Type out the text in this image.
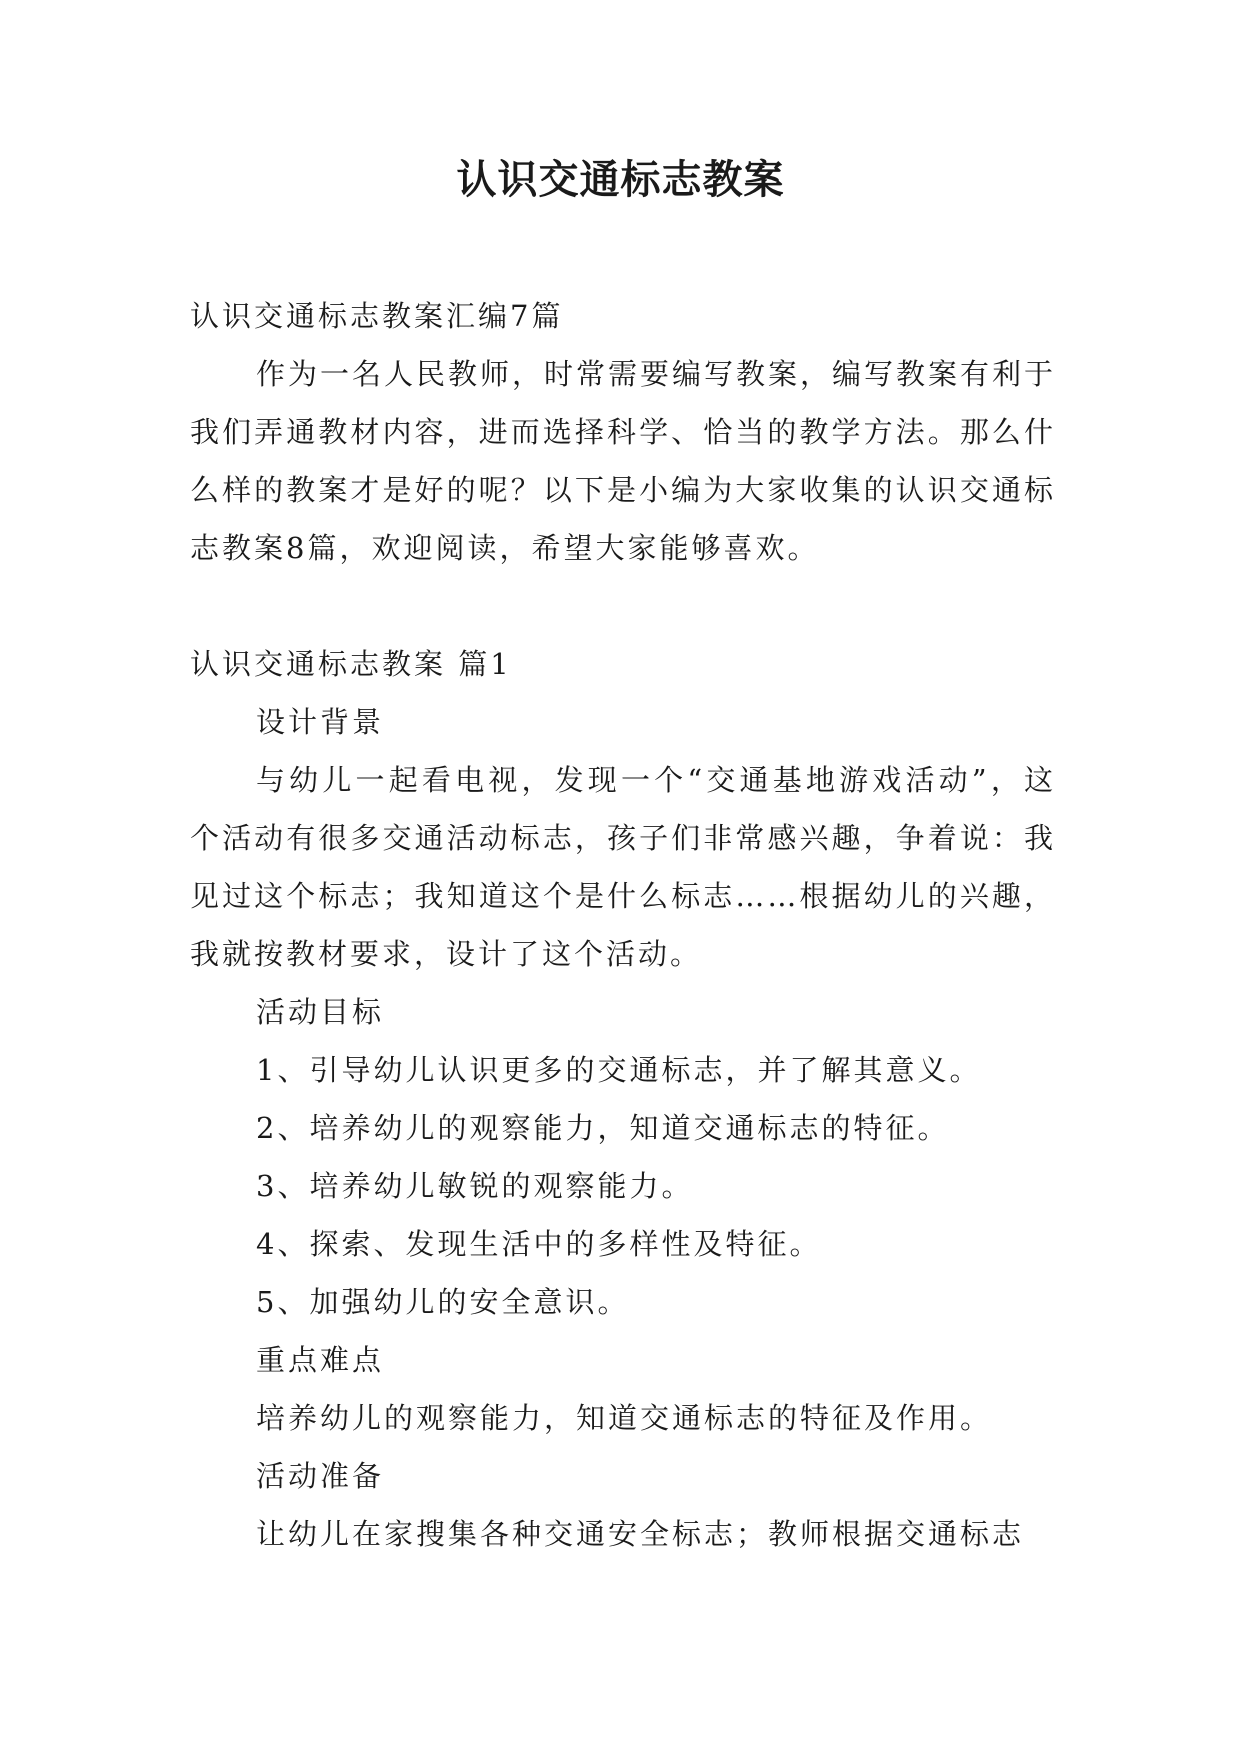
认识交通标志教案

认识交通标志教案汇编7篇

作为一名人民教师，时常需要编写教案，编写教案有利于我们弄通教材内容，进而选择科学、恰当的教学方法。那么什么样的教案才是好的呢？以下是小编为大家收集的认识交通标志教案8篇，欢迎阅读，希望大家能够喜欢。

认识交通标志教案 篇1

设计背景

与幼儿一起看电视，发现一个“交通基地游戏活动”，这个活动有很多交通活动标志，孩子们非常感兴趣，争着说：我见过这个标志；我知道这个是什么标志……根据幼儿的兴趣，我就按教材要求，设计了这个活动。

活动目标

1、引导幼儿认识更多的交通标志，并了解其意义。

2、培养幼儿的观察能力，知道交通标志的特征。

3、培养幼儿敏锐的观察能力。

4、探索、发现生活中的多样性及特征。

5、加强幼儿的安全意识。

重点难点

培养幼儿的观察能力，知道交通标志的特征及作用。

活动准备

让幼儿在家搜集各种交通安全标志；教师根据交通标志
